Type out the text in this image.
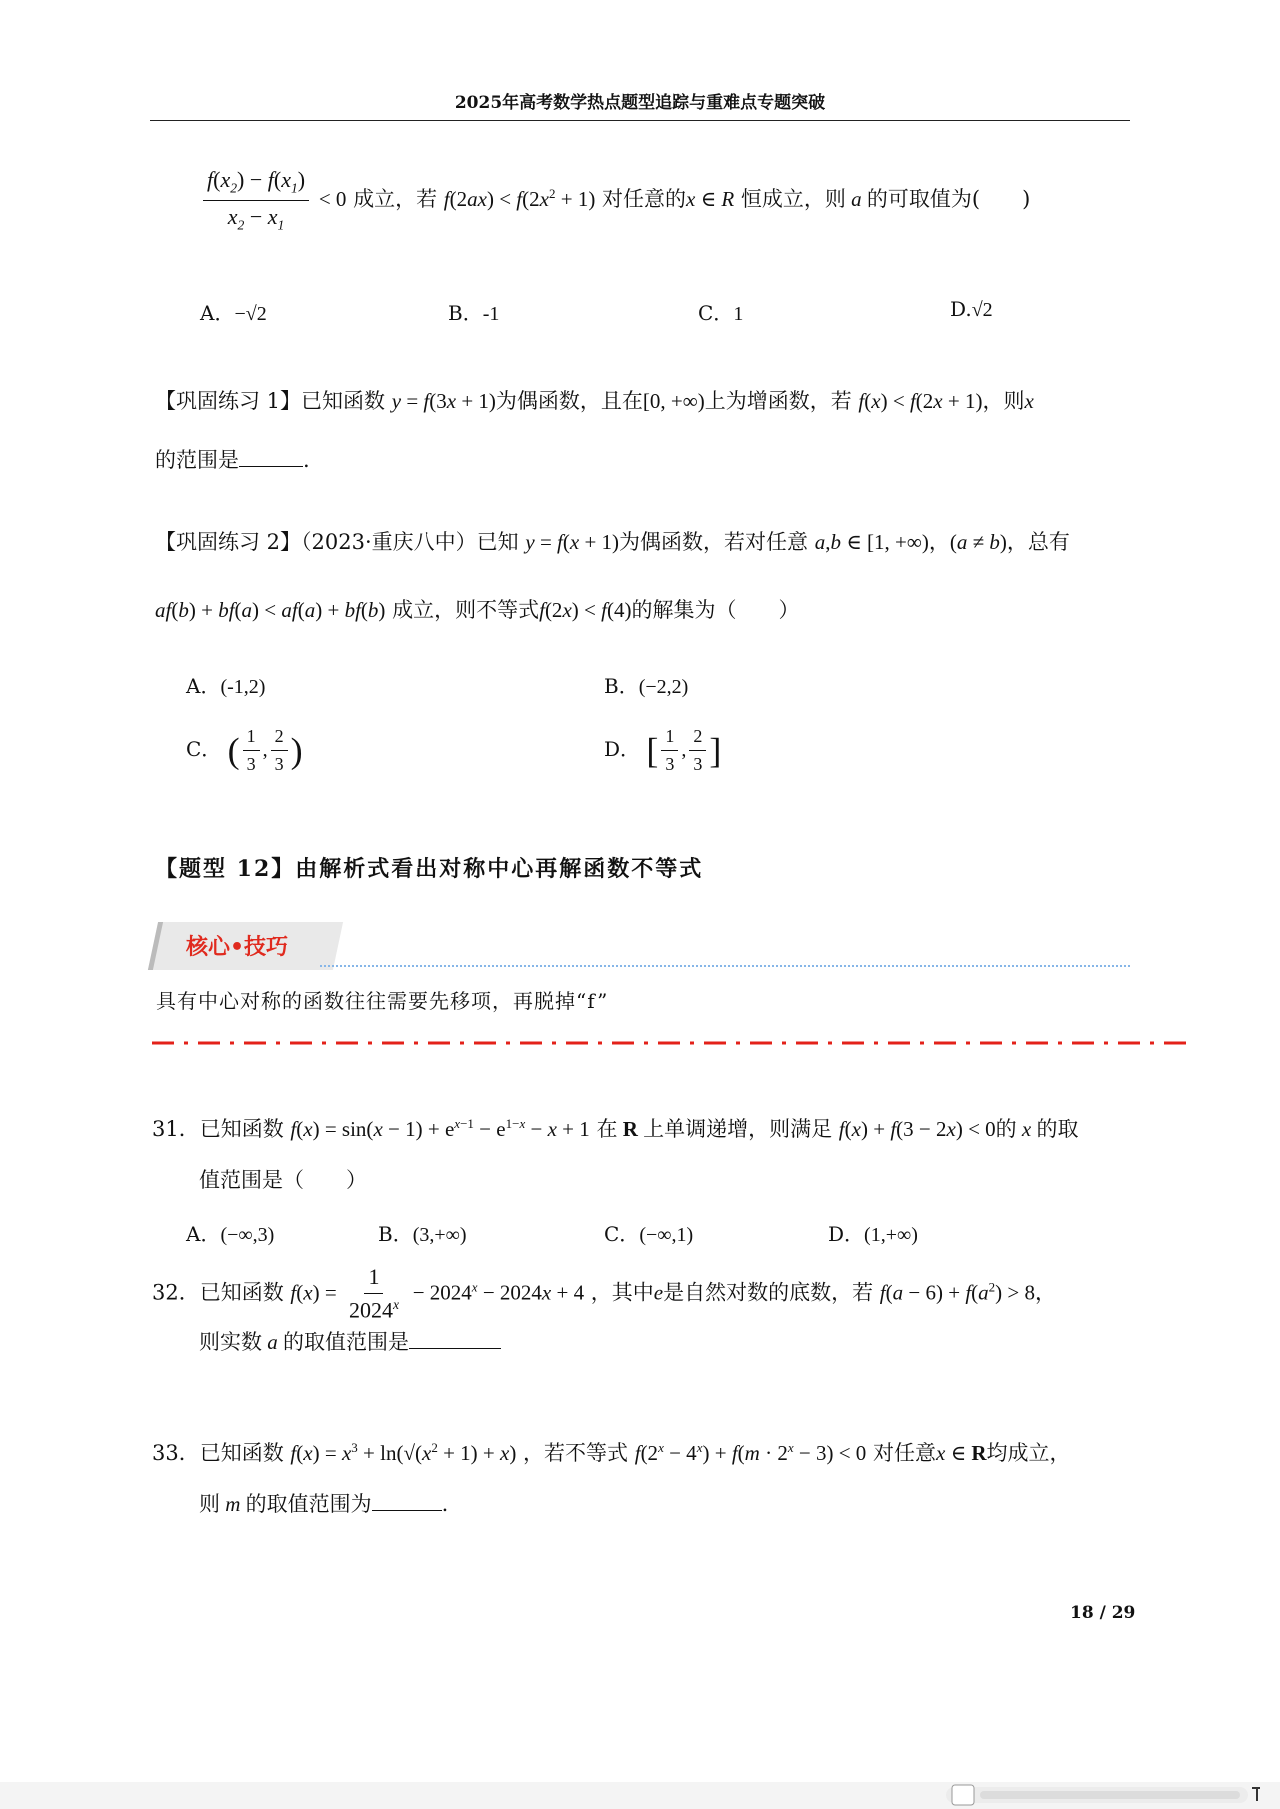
2025年高考数学热点题型追踪与重难点专题突破
$\frac{f(x_2) - f(x_1)}{x_2 - x_1} < 0$ 成立，若 $f(2ax) < f(2x^2 + 1)$ 对任意的x ∈ R 恒成立，则 a 的可取值为(　　)
A．−√2	B．-1	C．1	D.√2
【巩固练习 1】已知函数 y = f(3x + 1)为偶函数，且在[0, +∞)上为增函数，若 f(x) < f(2x + 1)，则x
的范围是	.
【巩固练习 2】（2023·重庆八中）已知 y = f(x + 1)为偶函数，若对任意 a,b ∈ [1, +∞)，(a ≠ b)，总有
af(b) + bf(a) < af(a) + bf(b) 成立，则不等式f(2x) < f(4)的解集为（　　）
A．(-1,2)	B．(−2,2)
C． ( $\frac{1}{3}$ , $\frac{2}{3}$ )	D． [ $\frac{1}{3}$ , $\frac{2}{3}$ ]
【题型 12】由解析式看出对称中心再解函数不等式
核心•技巧
具有中心对称的函数往往需要先移项，再脱掉“f”
31．已知函数 $f(x) = \sin(x - 1) + e^{x-1} - e^{1-x} - x + 1$ 在 R 上单调递增，则满足 f(x) + f(3 − 2x) < 0的 x 的取
值范围是（　　）
A．(−∞,3)	B．(3,+∞)	C．(−∞,1)	D．(1,+∞)
32．已知函数 $f(x) = \frac{1}{2024^x} - 2024^x - 2024x + 4$ ，其中e是自然对数的底数，若 $f(a - 6) + f(a^2) > 8$，
则实数 a 的取值范围是
33．已知函数 $f(x) = x^3 + \ln(√(x^2 + 1) + x)$ ，若不等式 $f(2^x - 4^x) + f(m \cdot 2^x - 3) < 0$ 对任意x ∈ R均成立，
则 m 的取值范围为	.
18 / 29
